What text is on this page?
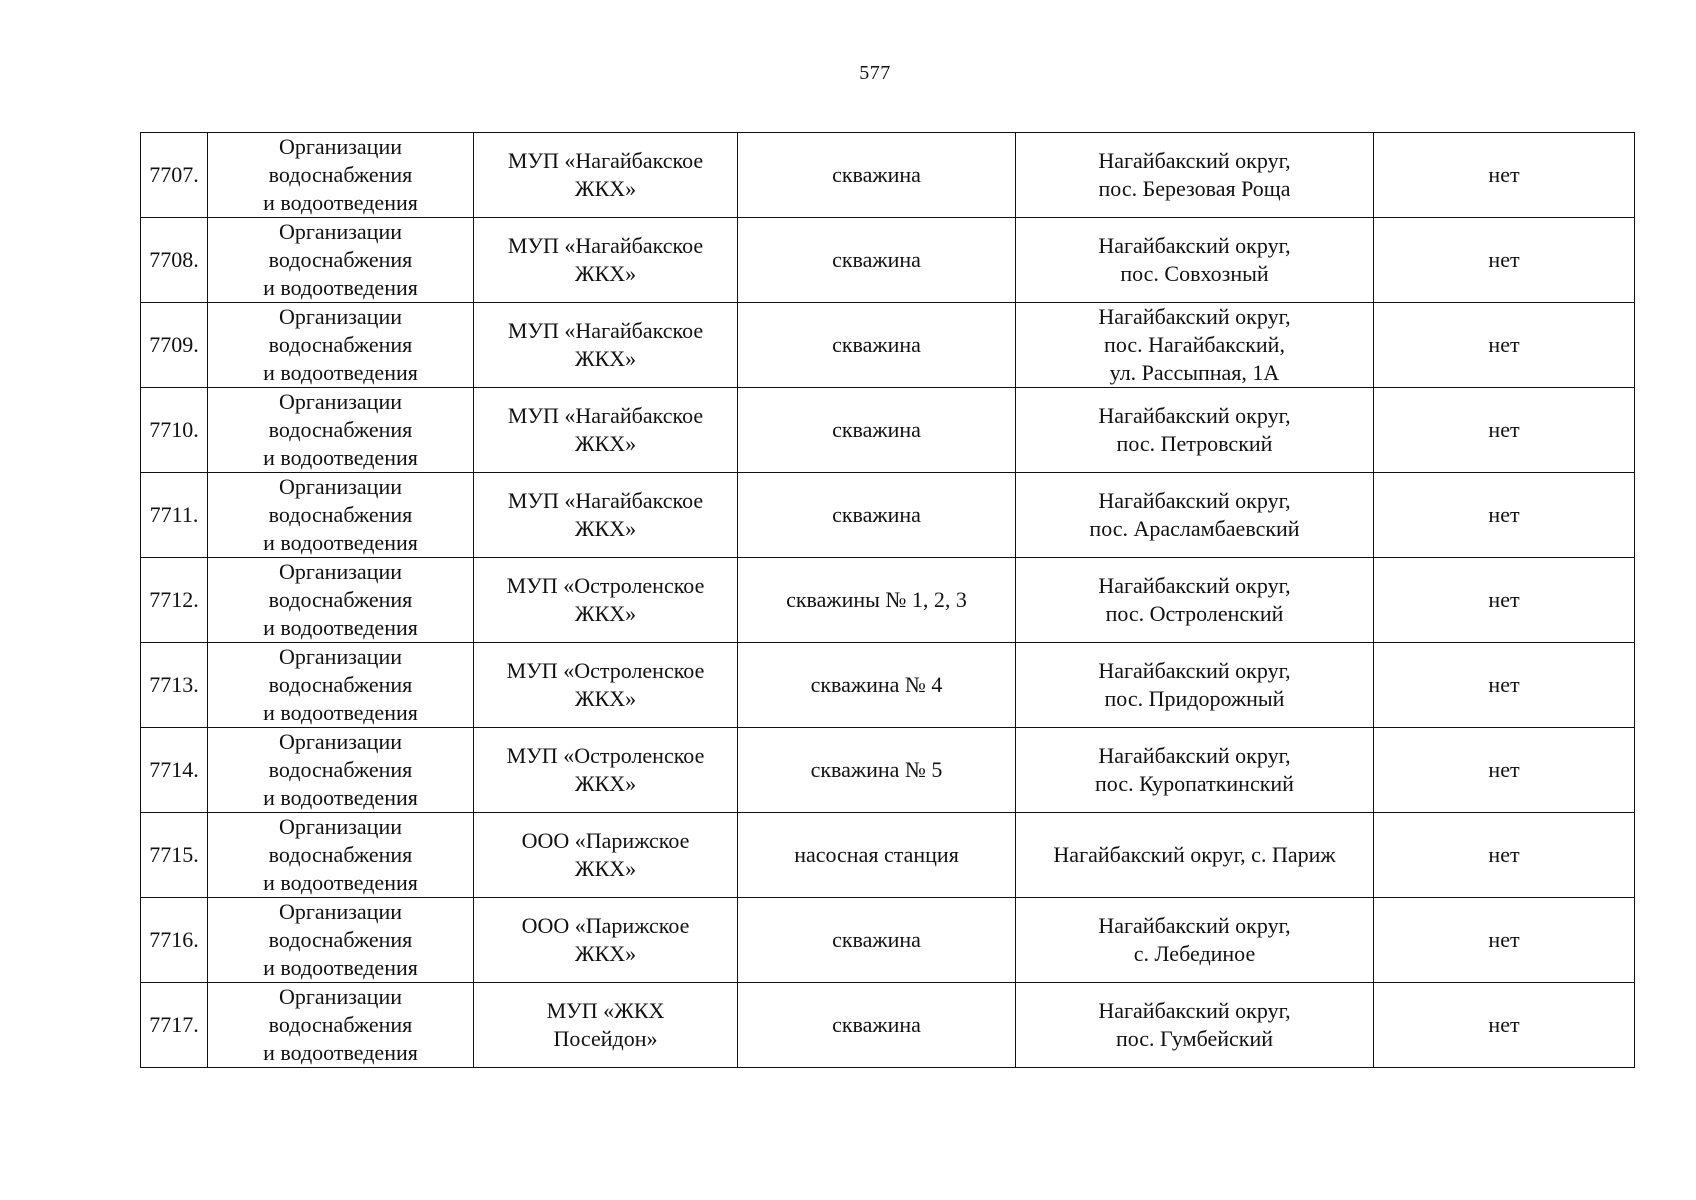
577
7707.	Организации
водоснабжения
и водоотведения	МУП «Нагайбакское
ЖКХ»	скважина	Нагайбакский округ,
пос. Березовая Роща	нет
7708.	Организации
водоснабжения
и водоотведения	МУП «Нагайбакское
ЖКХ»	скважина	Нагайбакский округ,
пос. Совхозный	нет
7709.	Организации
водоснабжения
и водоотведения	МУП «Нагайбакское
ЖКХ»	скважина	Нагайбакский округ,
пос. Нагайбакский,
ул. Рассыпная, 1А	нет
7710.	Организации
водоснабжения
и водоотведения	МУП «Нагайбакское
ЖКХ»	скважина	Нагайбакский округ,
пос. Петровский	нет
7711.	Организации
водоснабжения
и водоотведения	МУП «Нагайбакское
ЖКХ»	скважина	Нагайбакский округ,
пос. Арасламбаевский	нет
7712.	Организации
водоснабжения
и водоотведения	МУП «Остроленское
ЖКХ»	скважины № 1, 2, 3	Нагайбакский округ,
пос. Остроленский	нет
7713.	Организации
водоснабжения
и водоотведения	МУП «Остроленское
ЖКХ»	скважина № 4	Нагайбакский округ,
пос. Придорожный	нет
7714.	Организации
водоснабжения
и водоотведения	МУП «Остроленское
ЖКХ»	скважина № 5	Нагайбакский округ,
пос. Куропаткинский	нет
7715.	Организации
водоснабжения
и водоотведения	ООО «Парижское
ЖКХ»	насосная станция	Нагайбакский округ, с. Париж	нет
7716.	Организации
водоснабжения
и водоотведения	ООО «Парижское
ЖКХ»	скважина	Нагайбакский округ,
с. Лебединое	нет
7717.	Организации
водоснабжения
и водоотведения	МУП «ЖКХ
Посейдон»	скважина	Нагайбакский округ,
пос. Гумбейский	нет
